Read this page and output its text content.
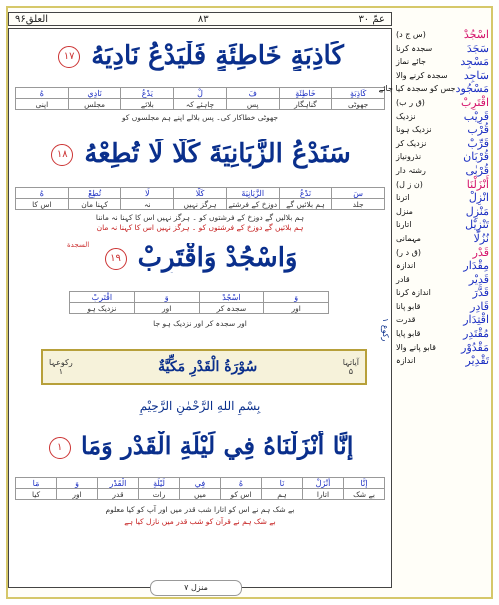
العلق۹۶	۸۳	عمّ ۳۰
كَاذِبَةٍ خَاطِئَةٍ فَلْيَدْعُ نَادِيَهُ ۱۷
كَاذِبَةٍ	خَاطِئَةٍ	فَ	لْ	يَدْعُ	نَادِي	هُ
جھوٹی	گناہگار	پس	چاہئے کہ	بلائے	مجلس	اپنی
جھوٹی خطاکار کی۔ پس بلالے اپنے ہم مجلسوں کو
سَنَدْعُ الزَّبَانِيَةَ كَلَّا لَا تُطِعْهُ ۱۸
سَ	نَدْعُ	الزَّبَانِيَةَ	كَلَّا	لَا	تُطِعْ	هُ
جلد	ہم بلائیں گے	دوزخ کے فرشتے	ہرگز نہیں	نہ	کہنا مان	اس کا
ہم بلالیں گے دوزخ کے فرشتوں کو ۔ ہرگز نہیں اس کا کہنا نہ ماننا
ہم بلائیں گے دوزخ کے فرشتوں کو ۔ ہرگز نہیں اس کا کہنا نہ مان
وَاسْجُدْ وَاقْتَرِبْ ۱۹
السجدة
وَ	اسْجُدْ	وَ	اقْتَرِبْ
اور	سجدہ کر	اور	نزدیک ہو
اور سجدہ کر اور نزدیک ہو جا
آیاتہا
۵
سُوْرَةُ الْقَدْرِ مَكِّيَّةٌ
رکوعہا
۱
بِسْمِ اللهِ الرَّحْمٰنِ الرَّحِيْمِ
إِنَّا أَنْزَلْنَاهُ فِي لَيْلَةِ الْقَدْرِ وَمَا ۱
إِنَّا	أَنْزَلْ	نَا	هُ	فِي	لَيْلَةِ	الْقَدْرِ	وَ	مَا
بے شک	اتارا	ہم	اس کو	میں	رات	قدر	اور	کیا
بے شک ہم نے اس کو اتارا شب قدر میں اور آپ کو کیا معلوم
بے شک ہم نے قرآن کو شب قدر میں نازل کیا ہے
ركوع ۱
اسْجُدْ
(س ج د)
سَجَدَ
سجدہ کرنا
مَسْجِد
جائے نماز
سَاجِد
سجدہ کرنے والا
مَسْجُود
جس کو سجدہ کیا جائے
اقْتَرِبْ
(ق ر ب)
قَرِيْب
نزدیک
قُرْب
نزدیک ہونا
قَرِّبْ
نزدیک کر
قُرْبَان
نذرونیاز
قُرْبٰى
رشتہ دار
أَنْزَلْنَا
(ن ز ل)
انْزِلْ
اترنا
مَنْزِل
منزل
تَنْزِيْل
اتارنا
نُزُلًا
مہمانی
قَدْر
(ق د ر)
مِقْدَار
اندازہ
قَدِيْر
قادر
قَدَّرَ
اندازہ کرنا
قَادِر
قابو پانا
اقْتِدَار
قدرت
مُقْتَدِر
قابو پایا
مَقْدُوْر
قابو پانے والا
تَقْدِيْر
اندازہ
منزل ۷
